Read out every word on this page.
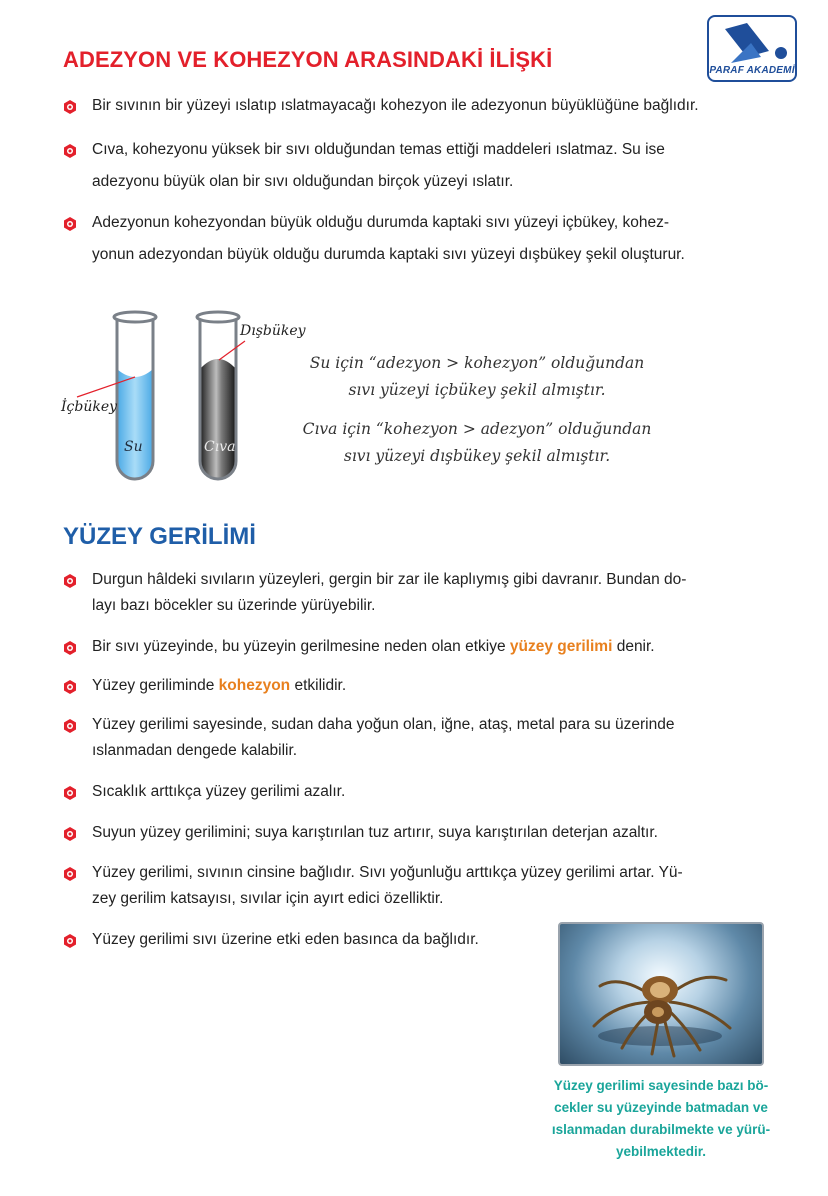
PARAF AKADEMİ
ADEZYON VE KOHEZYON ARASINDAKİ İLİŞKİ
Bir sıvının bir yüzeyi ıslatıp ıslatmayacağı kohezyon ile adezyonun büyüklüğüne bağlıdır.
Cıva, kohezyonu yüksek bir sıvı olduğundan temas ettiği maddeleri ıslatmaz. Su ise
adezyonu büyük olan bir sıvı olduğundan birçok yüzeyi ıslatır.
Adezyonun kohezyondan büyük olduğu durumda kaptaki sıvı yüzeyi içbükey, kohez-
yonun adezyondan büyük olduğu durumda kaptaki sıvı yüzeyi dışbükey şekil oluşturur.
İçbükey
Dışbükey
Su	Cıva
Su için “adezyon > kohezyon” olduğundan
sıvı yüzeyi içbükey şekil almıştır.
Cıva için “kohezyon > adezyon” olduğundan
sıvı yüzeyi dışbükey şekil almıştır.
YÜZEY GERİLİMİ
Durgun hâldeki sıvıların yüzeyleri, gergin bir zar ile kaplıymış gibi davranır. Bundan do-
layı bazı böcekler su üzerinde yürüyebilir.
Bir sıvı yüzeyinde, bu yüzeyin gerilmesine neden olan etkiye yüzey gerilimi denir.
Yüzey geriliminde kohezyon etkilidir.
Yüzey gerilimi sayesinde, sudan daha yoğun olan, iğne, ataş, metal para su üzerinde
ıslanmadan dengede kalabilir.
Sıcaklık arttıkça yüzey gerilimi azalır.
Suyun yüzey gerilimini; suya karıştırılan tuz artırır, suya karıştırılan deterjan azaltır.
Yüzey gerilimi, sıvının cinsine bağlıdır. Sıvı yoğunluğu arttıkça yüzey gerilimi artar. Yü-
zey gerilim katsayısı, sıvılar için ayırt edici özelliktir.
Yüzey gerilimi sıvı üzerine etki eden basınca da bağlıdır.
Yüzey gerilimi sayesinde bazı bö-
cekler su yüzeyinde batmadan ve
ıslanmadan durabilmekte ve yürü-
yebilmektedir.
